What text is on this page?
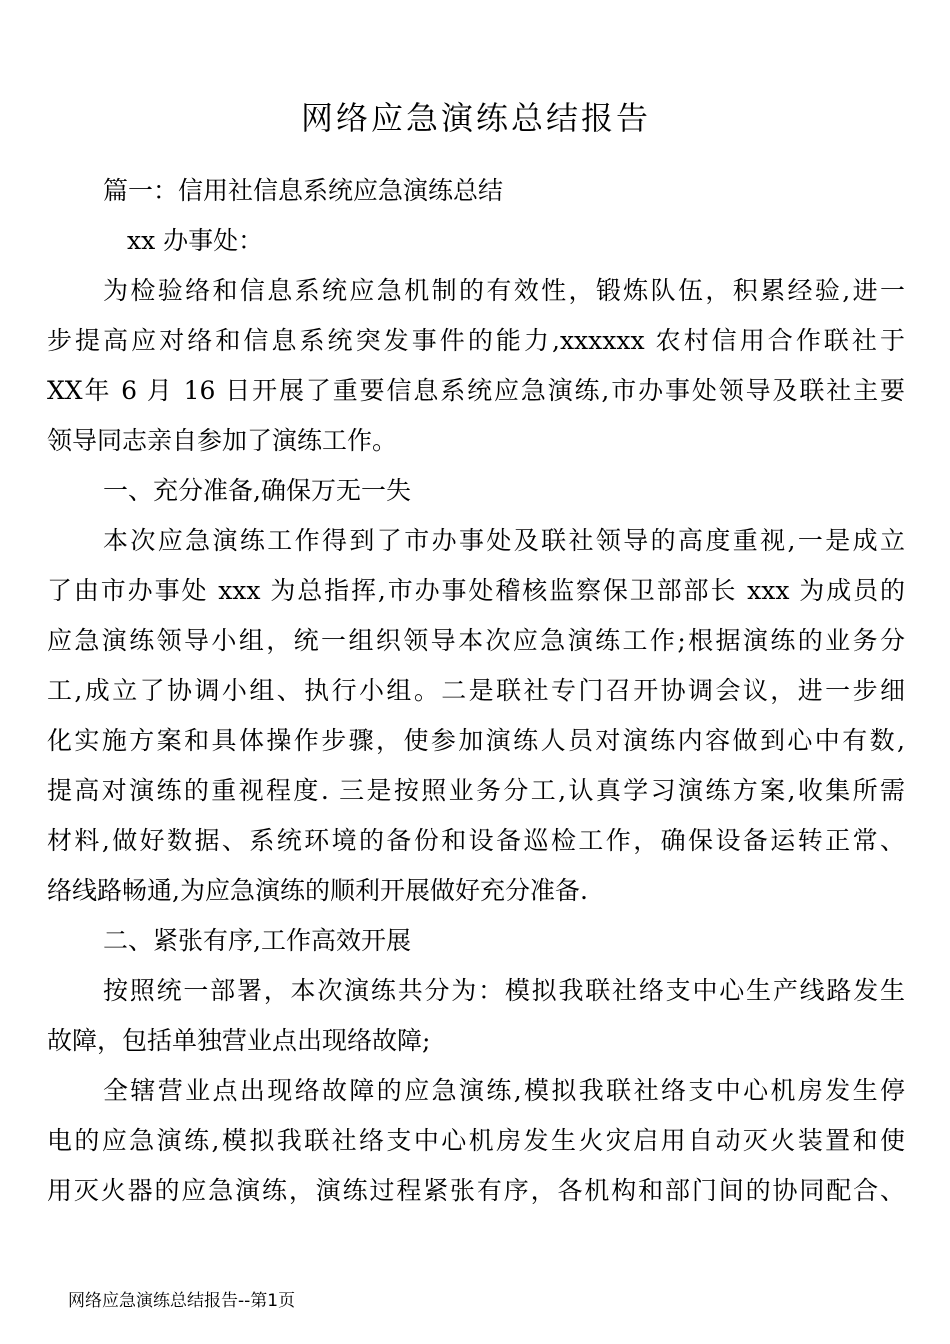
网络应急演练总结报告
篇一：信用社信息系统应急演练总结
xx 办事处：
为检验络和信息系统应急机制的有效性，锻炼队伍，积累经验,进一
步提高应对络和信息系统突发事件的能力,xxxxxx 农村信用合作联社于
XX年 6 月 16 日开展了重要信息系统应急演练,市办事处领导及联社主要
领导同志亲自参加了演练工作。
一、充分准备,确保万无一失
本次应急演练工作得到了市办事处及联社领导的高度重视,一是成立
了由市办事处 xxx 为总指挥,市办事处稽核监察保卫部部长 xxx 为成员的
应急演练领导小组，统一组织领导本次应急演练工作;根据演练的业务分
工,成立了协调小组、执行小组。二是联社专门召开协调会议，进一步细
化实施方案和具体操作步骤，使参加演练人员对演练内容做到心中有数,
提高对演练的重视程度. 三是按照业务分工,认真学习演练方案,收集所需
材料,做好数据、系统环境的备份和设备巡检工作，确保设备运转正常、
络线路畅通,为应急演练的顺利开展做好充分准备.
二、紧张有序,工作高效开展
按照统一部署，本次演练共分为：模拟我联社络支中心生产线路发生
故障，包括单独营业点出现络故障;
全辖营业点出现络故障的应急演练,模拟我联社络支中心机房发生停
电的应急演练,模拟我联社络支中心机房发生火灾启用自动灭火装置和使
用灭火器的应急演练，演练过程紧张有序，各机构和部门间的协同配合、
网络应急演练总结报告--第1页
